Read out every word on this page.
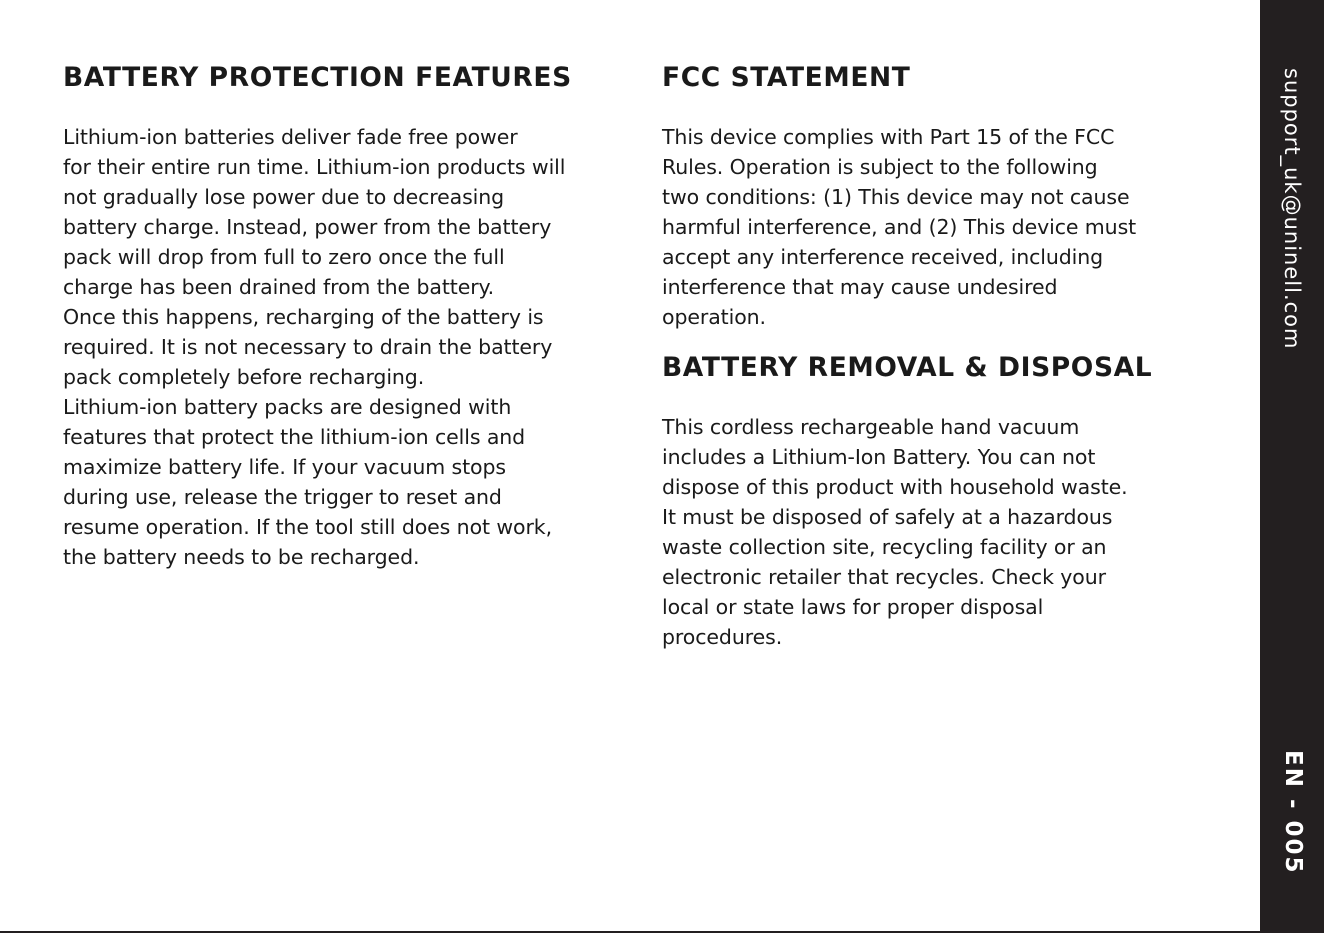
BATTERY PROTECTION FEATURES

Lithium-ion batteries deliver fade free power
for their entire run time. Lithium-ion products will
not gradually lose power due to decreasing
battery charge. Instead, power from the battery
pack will drop from full to zero once the full
charge has been drained from the battery.
Once this happens, recharging of the battery is
required. It is not necessary to drain the battery
pack completely before recharging.
Lithium-ion battery packs are designed with
features that protect the lithium-ion cells and
maximize battery life. If your vacuum stops
during use, release the trigger to reset and
resume operation. If the tool still does not work,
the battery needs to be recharged.

FCC STATEMENT

This device complies with Part 15 of the FCC
Rules. Operation is subject to the following
two conditions: (1) This device may not cause
harmful interference, and (2) This device must
accept any interference received, including
interference that may cause undesired
operation.

BATTERY REMOVAL & DISPOSAL

This cordless rechargeable hand vacuum
includes a Lithium-Ion Battery. You can not
dispose of this product with household waste.
It must be disposed of safely at a hazardous
waste collection site, recycling facility or an
electronic retailer that recycles. Check your
local or state laws for proper disposal
procedures.

support_uk@uninell.com
EN - 005
